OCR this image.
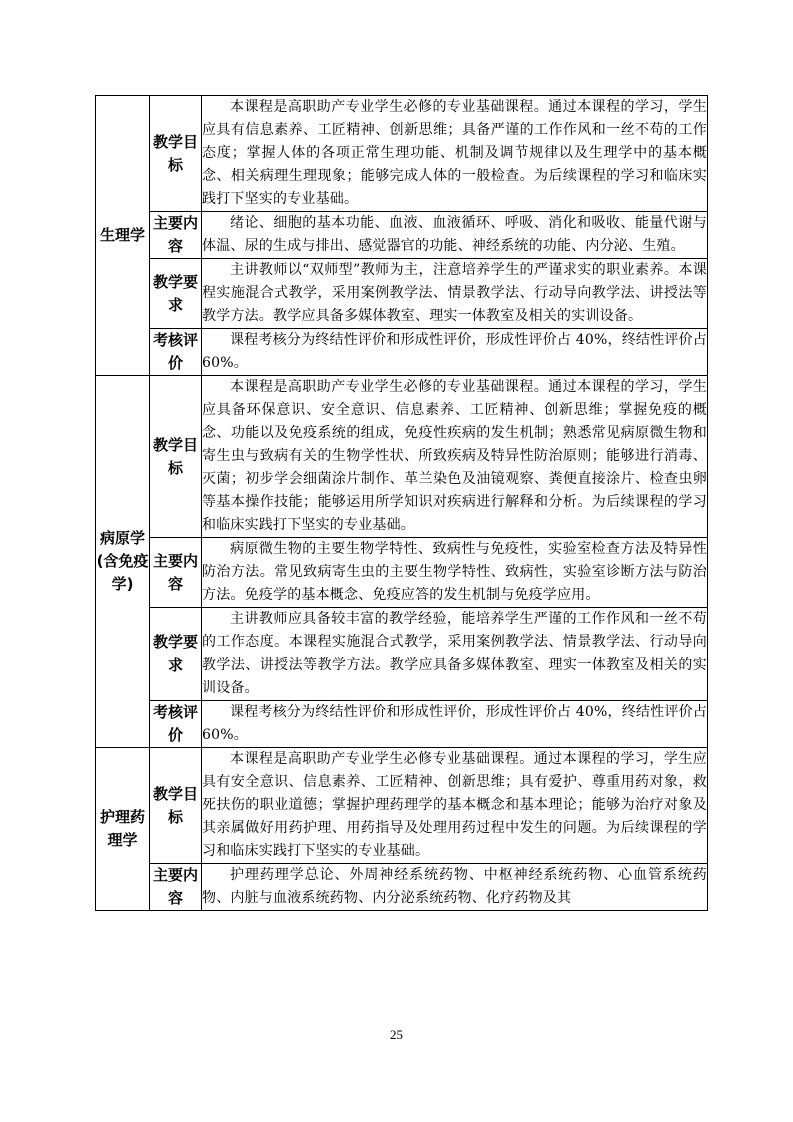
生理学	教学目标	本课程是高职助产专业学生必修的专业基础课程。通过本课程的学习，学生应具有信息素养、工匠精神、创新思维；具备严谨的工作作风和一丝不苟的工作态度；掌握人体的各项正常生理功能、机制及调节规律以及生理学中的基本概念、相关病理生理现象；能够完成人体的一般检查。为后续课程的学习和临床实践打下坚实的专业基础。
	主要内容	绪论、细胞的基本功能、血液、血液循环、呼吸、消化和吸收、能量代谢与体温、尿的生成与排出、感觉器官的功能、神经系统的功能、内分泌、生殖。
	教学要求	主讲教师以“双师型”教师为主，注意培养学生的严谨求实的职业素养。本课程实施混合式教学，采用案例教学法、情景教学法、行动导向教学法、讲授法等教学方法。教学应具备多媒体教室、理实一体教室及相关的实训设备。
	考核评价	课程考核分为终结性评价和形成性评价，形成性评价占 40%，终结性评价占 60%。
病原学(含免疫学)	教学目标	本课程是高职助产专业学生必修的专业基础课程。通过本课程的学习，学生应具备环保意识、安全意识、信息素养、工匠精神、创新思维；掌握免疫的概念、功能以及免疫系统的组成，免疫性疾病的发生机制；熟悉常见病原微生物和寄生虫与致病有关的生物学性状、所致疾病及特异性防治原则；能够进行消毒、灭菌；初步学会细菌涂片制作、革兰染色及油镜观察、粪便直接涂片、检查虫卵等基本操作技能；能够运用所学知识对疾病进行解释和分析。为后续课程的学习和临床实践打下坚实的专业基础。
	主要内容	病原微生物的主要生物学特性、致病性与免疫性，实验室检查方法及特异性防治方法。常见致病寄生虫的主要生物学特性、致病性，实验室诊断方法与防治方法。免疫学的基本概念、免疫应答的发生机制与免疫学应用。
	教学要求	主讲教师应具备较丰富的教学经验，能培养学生严谨的工作作风和一丝不苟的工作态度。本课程实施混合式教学，采用案例教学法、情景教学法、行动导向教学法、讲授法等教学方法。教学应具备多媒体教室、理实一体教室及相关的实训设备。
	考核评价	课程考核分为终结性评价和形成性评价，形成性评价占 40%，终结性评价占 60%。
护理药理学	教学目标	本课程是高职助产专业学生必修专业基础课程。通过本课程的学习，学生应具有安全意识、信息素养、工匠精神、创新思维；具有爱护、尊重用药对象，救死扶伤的职业道德；掌握护理药理学的基本概念和基本理论；能够为治疗对象及其亲属做好用药护理、用药指导及处理用药过程中发生的问题。为后续课程的学习和临床实践打下坚实的专业基础。
	主要内容	护理药理学总论、外周神经系统药物、中枢神经系统药物、心血管系统药物、内脏与血液系统药物、内分泌系统药物、化疗药物及其
25
